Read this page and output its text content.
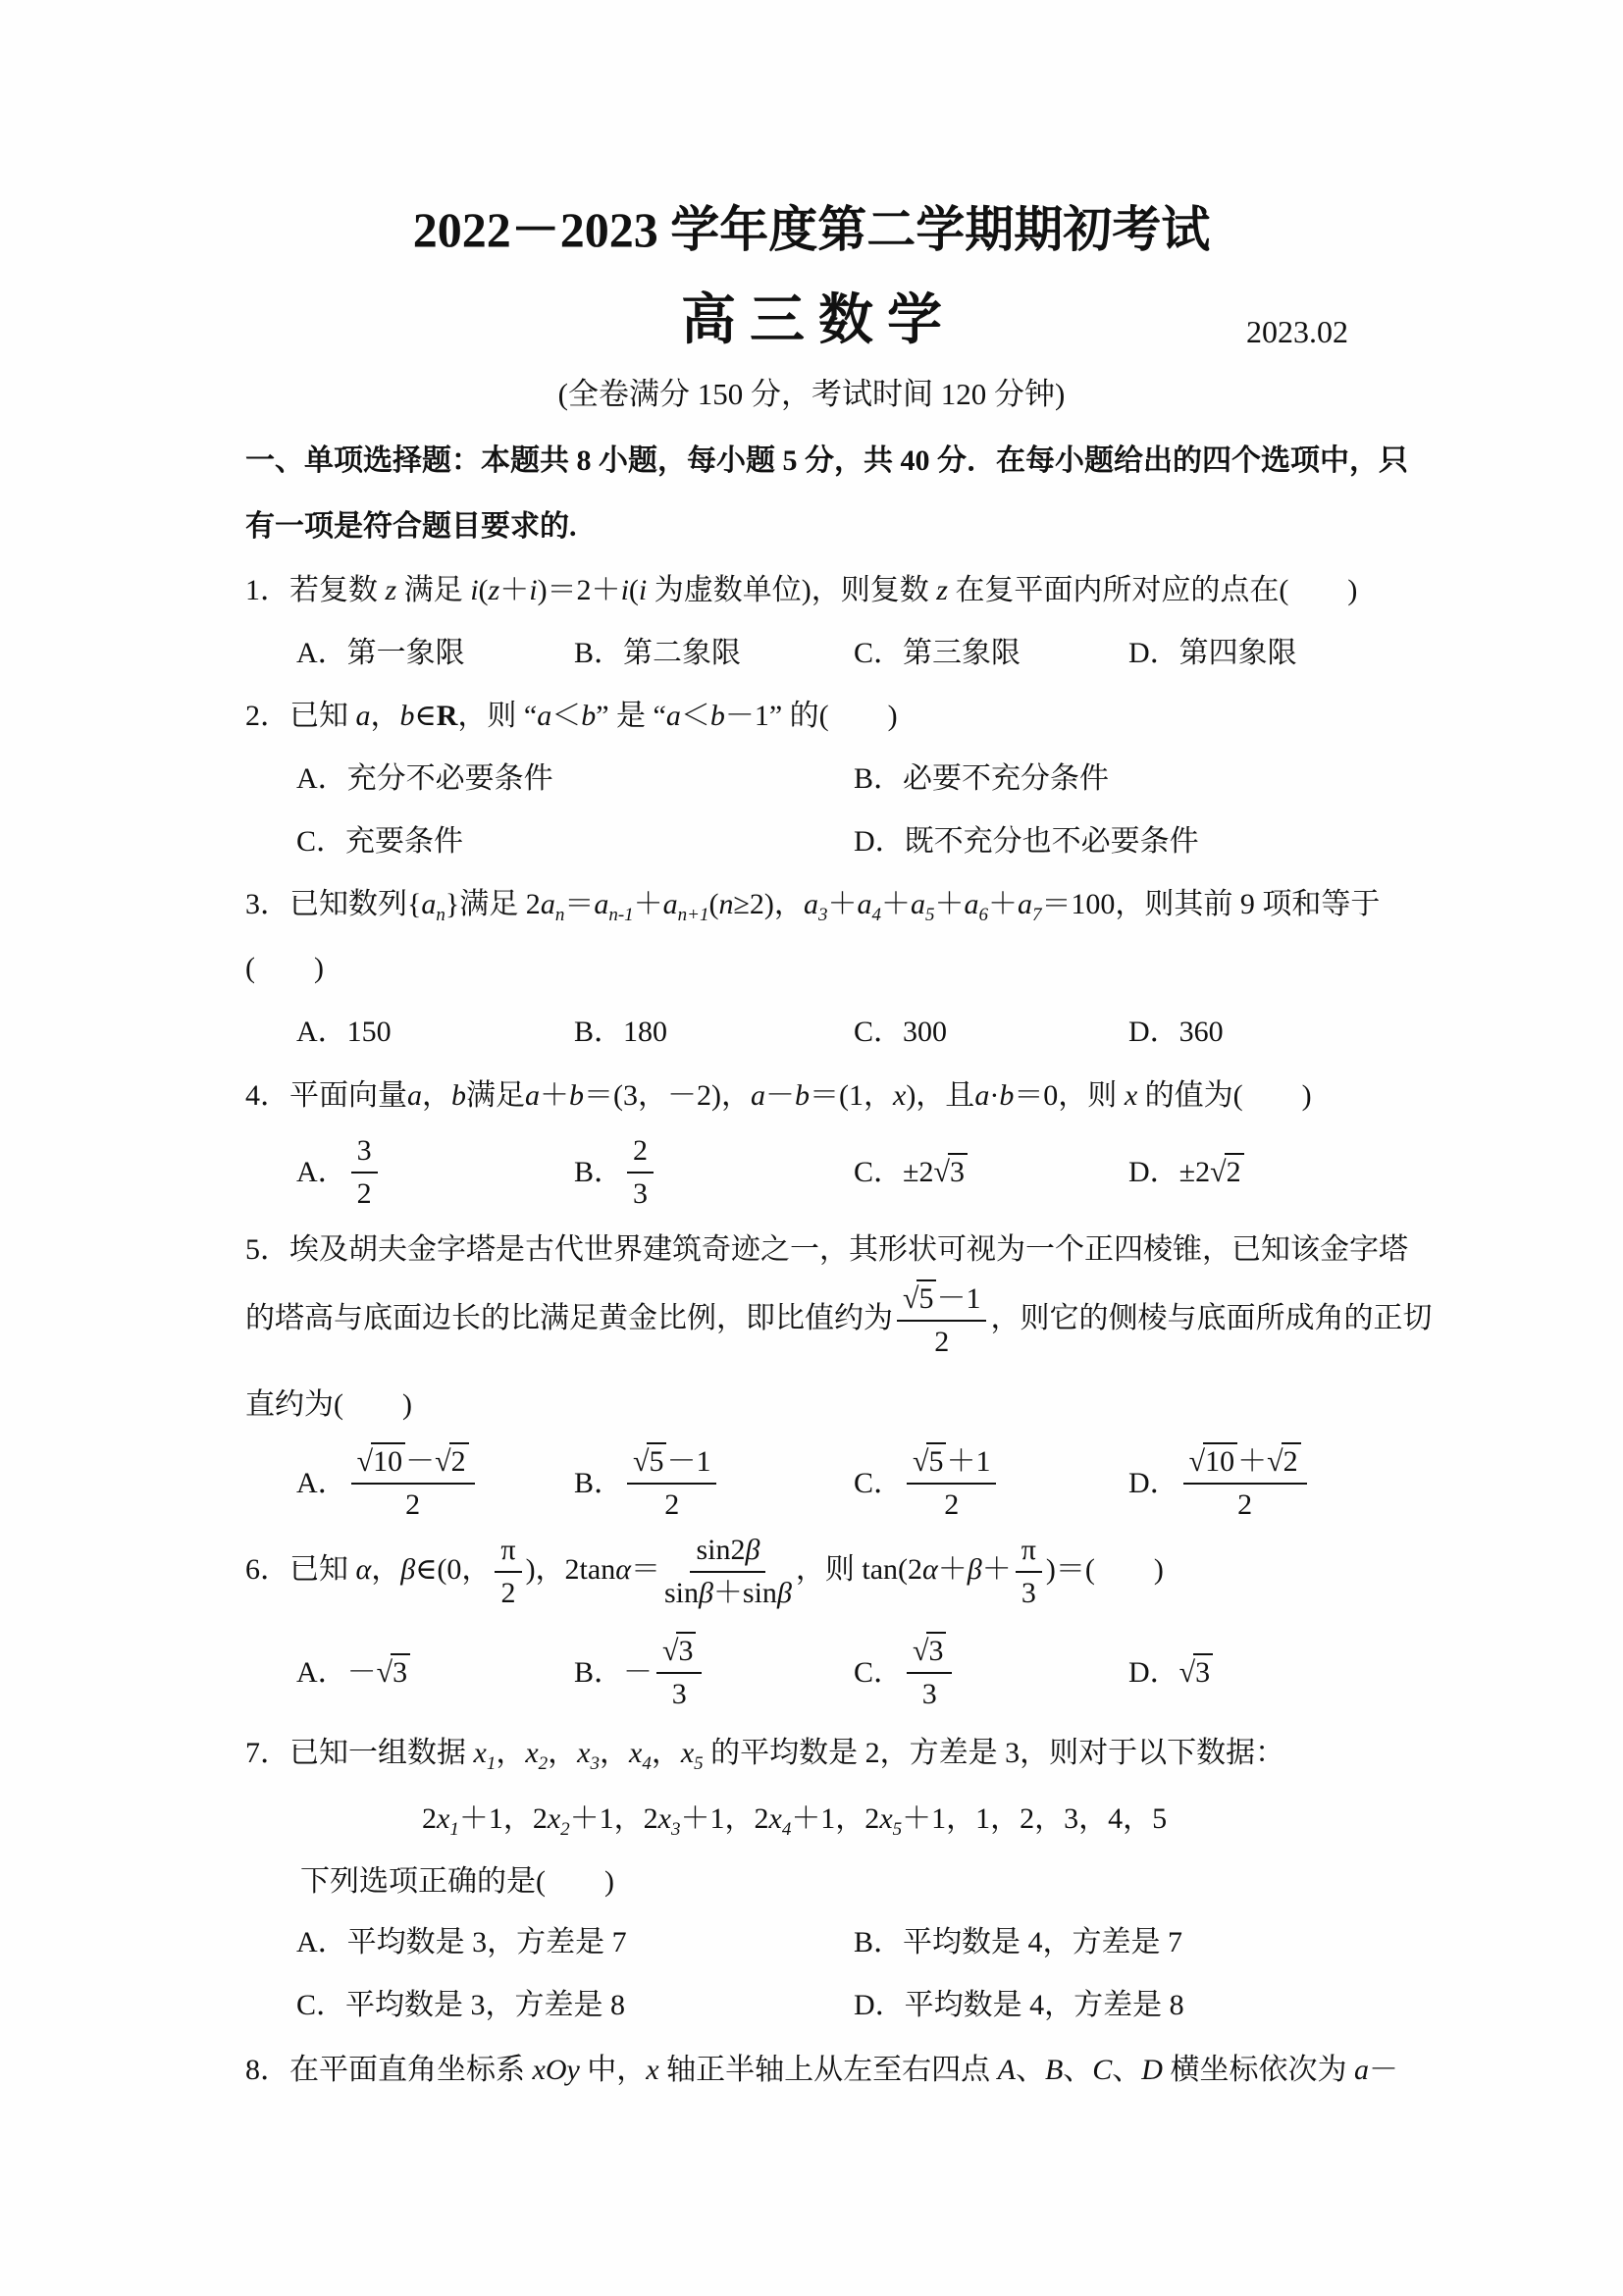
2022－2023 学年度第二学期期初考试
高 三 数 学	2023.02
(全卷满分 150 分，考试时间 120 分钟)
一、单项选择题：本题共 8 小题，每小题 5 分，共 40 分．在每小题给出的四个选项中，只
有一项是符合题目要求的.
1．若复数 z 满足 i(z＋i)＝2＋i(i 为虚数单位)，则复数 z 在复平面内所对应的点在(　　)
A．第一象限	B．第二象限	C．第三象限	D．第四象限
2．已知 a，b∈R，则 “a＜b” 是 “a＜b－1” 的(　　)
A．充分不必要条件	B．必要不充分条件
C．充要条件	D．既不充分也不必要条件
3．已知数列$\{a_n\}$满足 $2a_n=a_{n-1}+a_{n+1}(n\ge 2)$，$a_3+a_4+a_5+a_6+a_7=100$，则其前 9 项和等于
(　　)
A．150	B．180	C．300	D．360
4．平面向量a，b满足a＋b＝(3，－2)，a－b＝(1，x)，且a·b＝0，则 x 的值为(　　)
A． $\frac{3}{2}$	B． $\frac{2}{3}$	C．±2 √3	D．±2 √2
5．埃及胡夫金字塔是古代世界建筑奇迹之一，其形状可视为一个正四棱锥，已知该金字塔
的塔高与底面边长的比满足黄金比例，即比值约为 $\frac{√5 -1}{2}$ ，则它的侧棱与底面所成角的正切
直约为(　　)
A． $\frac{√10 -√2}{2}$	B． $\frac{√5 -1}{2}$	C． $\frac{√5 +1}{2}$	D． $\frac{√10 +√2}{2}$
6．已知 α，β∈(0， $\frac{\pi}{2}$ )，$2\tan\alpha= \frac{\sin 2\beta}{\sin\beta+\sin\beta}$ ，则 $\tan(2\alpha+\beta+ \frac{\pi}{3}$ )＝(　　)
A．－ √3	B．－ $\frac{√3}{3}$	C． $\frac{√3}{3}$	D． √3
7．已知一组数据 $x_1$，$x_2$，$x_3$，$x_4$，$x_5$ 的平均数是 2，方差是 3，则对于以下数据：
$2x_1+1$，$2x_2+1$，$2x_3+1$，$2x_4+1$，$2x_5+1$，1，2，3，4，5
下列选项正确的是(　　)
A．平均数是 3，方差是 7	B．平均数是 4，方差是 7
C．平均数是 3，方差是 8	D．平均数是 4，方差是 8
8．在平面直角坐标系 xOy 中，x 轴正半轴上从左至右四点 A、B、C、D 横坐标依次为 a－
